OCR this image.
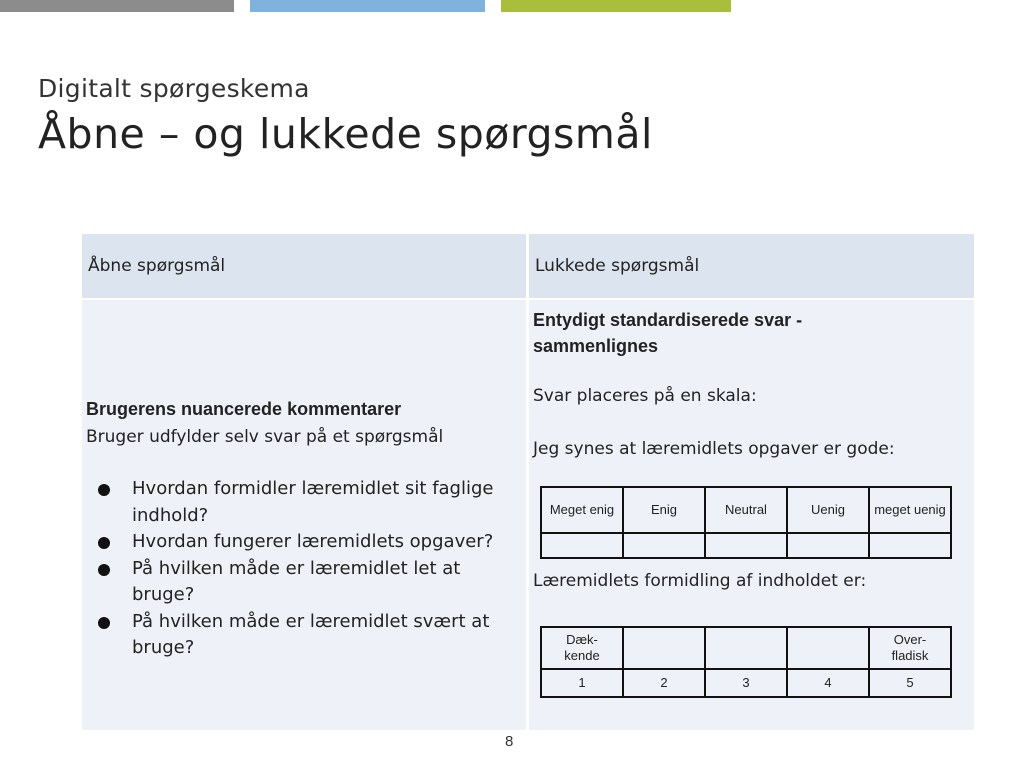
Digitalt spørgeskema
Åbne – og lukkede spørgsmål
Åbne spørgsmål	Lukkede spørgsmål
Brugerens nuancerede kommentarer
Bruger udfylder selv svar på et spørgsmål
Hvordan formidler læremidlet sit faglige indhold?
Hvordan fungerer læremidlets opgaver?
På hvilken måde er læremidlet let at bruge?
På hvilken måde er læremidlet svært at bruge?
Entydigt standardiserede svar - sammenlignes
Svar placeres på en skala:
Jeg synes at læremidlets opgaver er gode:
Meget enig	Enig	Neutral	Uenig	meget uenig

Læremidlets formidling af indholdet er:
Dæk-kende				Over-fladisk
1	2	3	4	5
8
